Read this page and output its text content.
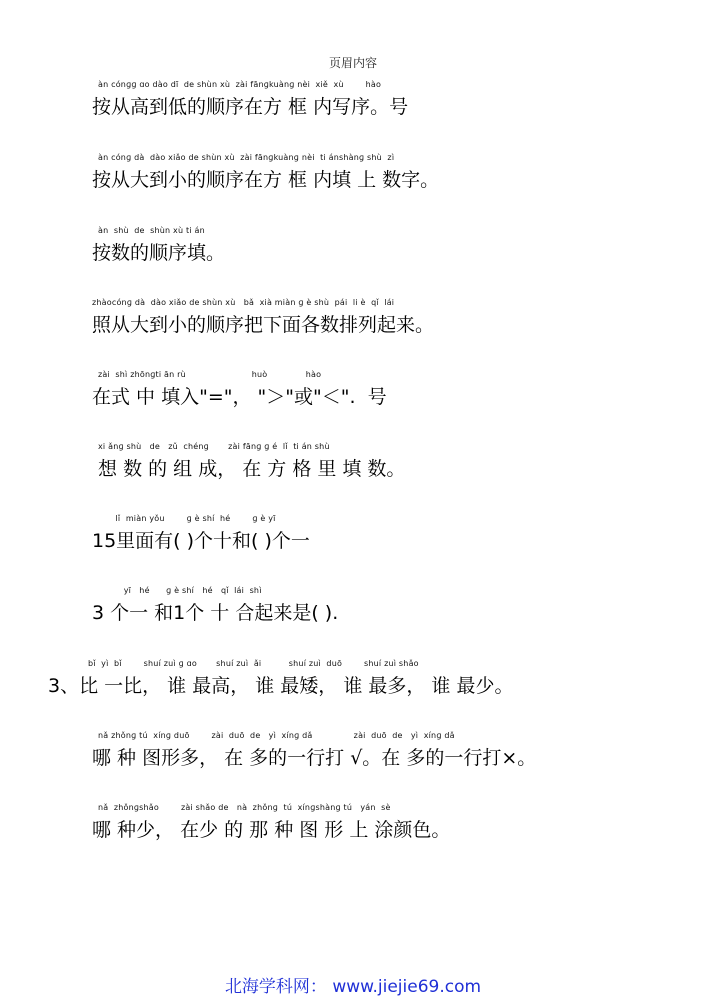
页眉内容
àn cónɡɡ ɑo dào dī  de shùn xù  zài fānɡkuànɡ nèi  xiě  xù        hào
按从高到低的顺序在方 框 内写序。号
àn cónɡ dà  dào xiǎo de shùn xù  zài fānɡkuànɡ nèi  ti ánshànɡ shù  zì
按从大到小的顺序在方 框 内填 上 数字。
àn  shù  de  shùn xù ti án
按数的顺序填。
zhàocónɡ dà  dào xiǎo de shùn xù   bǎ  xià miàn ɡ è shù  pái  li è  qǐ  lái
照从大到小的顺序把下面各数排列起来。
zài  shì zhōnɡti ān rù                        huò              hào
在式 中 填入"="， "＞"或"＜".  号
xi ǎnɡ shù   de   zǔ  chénɡ       zài fānɡ ɡ é  lǐ  ti án shù
想 数 的 组 成， 在 方 格 里 填 数。
lǐ  miàn yǒu        ɡ è shí  hé        ɡ è yī
15里面有( )个十和( )个一
yī   hé      ɡ è shí   hé   qǐ  lái  shì
3 个一 和1个 十 合起来是( ).
bǐ  yì  bǐ        shuí zuì ɡ ɑo       shuí zuì  ǎi          shuí zuì  duō        shuí zuì shǎo
3、比 一比， 谁 最高， 谁 最矮， 谁 最多， 谁 最少。
nǎ zhǒnɡ tú  xínɡ duō        zài  duō  de   yì  xínɡ dǎ               zài  duō  de   yì  xínɡ dǎ
哪 种 图形多， 在 多的一行打 √。在 多的一行打×。
nǎ  zhǒnɡshǎo        zài shǎo de   nà  zhǒnɡ  tú  xínɡshànɡ tú   yán  sè
哪 种少， 在少 的 那 种 图 形 上 涂颜色。
北海学科网： www.jiejie69.com
